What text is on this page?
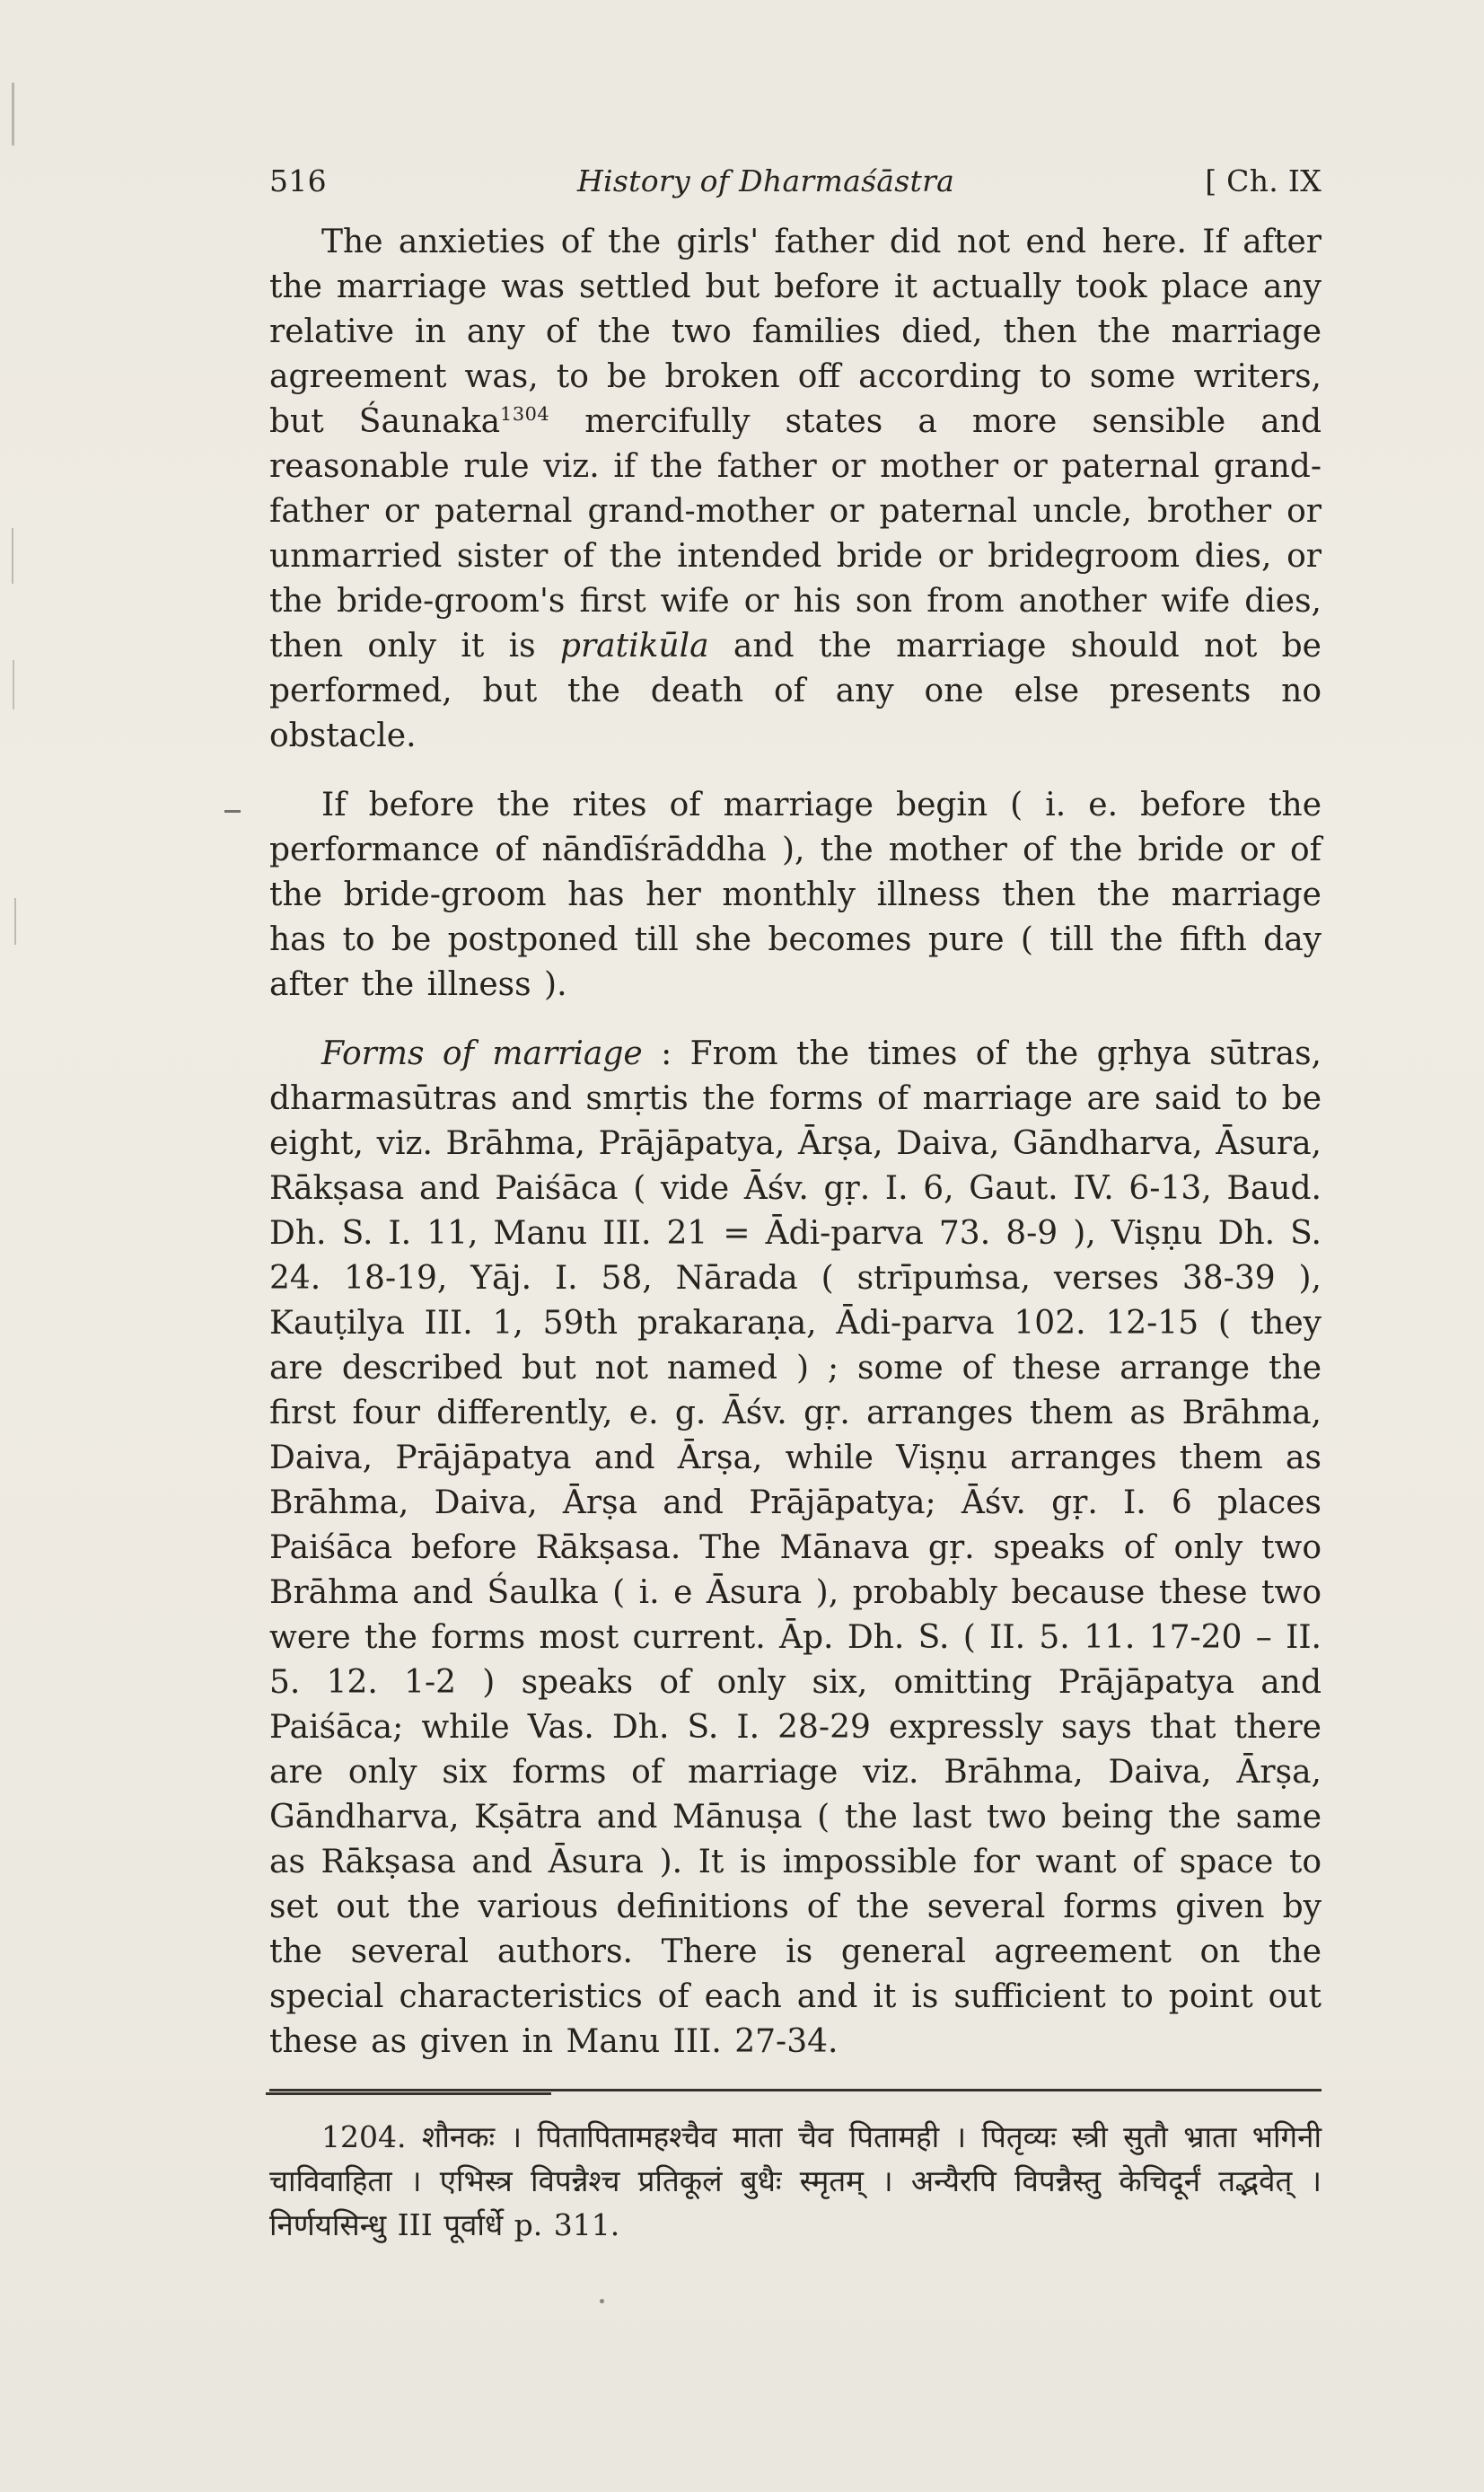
516	History of Dharmaśāstra	[ Ch. IX

The anxieties of the girls' father did not end here. If after the marriage was settled but before it actually took place any relative in any of the two families died, then the marriage agreement was, to be broken off according to some writers, but Śaunaka$^{1304}$ mercifully states a more sensible and reasonable rule viz. if the father or mother or paternal grand-father or paternal grand-mother or paternal uncle, brother or unmarried sister of the intended bride or bridegroom dies, or the bride-groom's first wife or his son from another wife dies, then only it is pratikūla and the marriage should not be performed, but the death of any one else presents no obstacle.

If before the rites of marriage begin ( i. e. before the performance of nāndīśrāddha ), the mother of the bride or of the bride-groom has her monthly illness then the marriage has to be postponed till she becomes pure ( till the fifth day after the illness ).

Forms of marriage : From the times of the gṛhya sūtras, dharmasūtras and smṛtis the forms of marriage are said to be eight, viz. Brāhma, Prājāpatya, Ārṣa, Daiva, Gāndharva, Āsura, Rākṣasa and Paiśāca ( vide Āśv. gṛ. I. 6, Gaut. IV. 6-13, Baud. Dh. S. I. 11, Manu III. 21 = Ādi-parva 73. 8-9 ), Viṣṇu Dh. S. 24. 18-19, Yāj. I. 58, Nārada ( strīpuṁsa, verses 38-39 ), Kauṭilya III. 1, 59th prakaraṇa, Ādi-parva 102. 12-15 ( they are described but not named ) ; some of these arrange the first four differently, e. g. Āśv. gṛ. arranges them as Brāhma, Daiva, Prājāpatya and Ārṣa, while Viṣṇu arranges them as Brāhma, Daiva, Ārṣa and Prājāpatya; Āśv. gṛ. I. 6 places Paiśāca before Rākṣasa. The Mānava gṛ. speaks of only two Brāhma and Śaulka ( i. e Āsura ), probably because these two were the forms most current. Āp. Dh. S. ( II. 5. 11. 17-20 – II. 5. 12. 1-2 ) speaks of only six, omitting Prājāpatya and Paiśāca; while Vas. Dh. S. I. 28-29 expressly says that there are only six forms of marriage viz. Brāhma, Daiva, Ārṣa, Gāndharva, Kṣātra and Mānuṣa ( the last two being the same as Rākṣasa and Āsura ). It is impossible for want of space to set out the various definitions of the several forms given by the several authors. There is general agreement on the special characteristics of each and it is sufficient to point out these as given in Manu III. 27-34.

1204. शौनकः । पितापितामहश्चैव माता चैव पितामही । पितृव्यः स्त्री सुतौ भ्राता भगिनी चाविवाहिता । एभिस्त्र विपन्नैश्च प्रतिकूलं बुधैः स्मृतम् । अन्यैरपि विपन्नैस्तु केचिदूर्नं तद्भवेत् । निर्णयसिन्धु III पूर्वार्धे p. 311.
